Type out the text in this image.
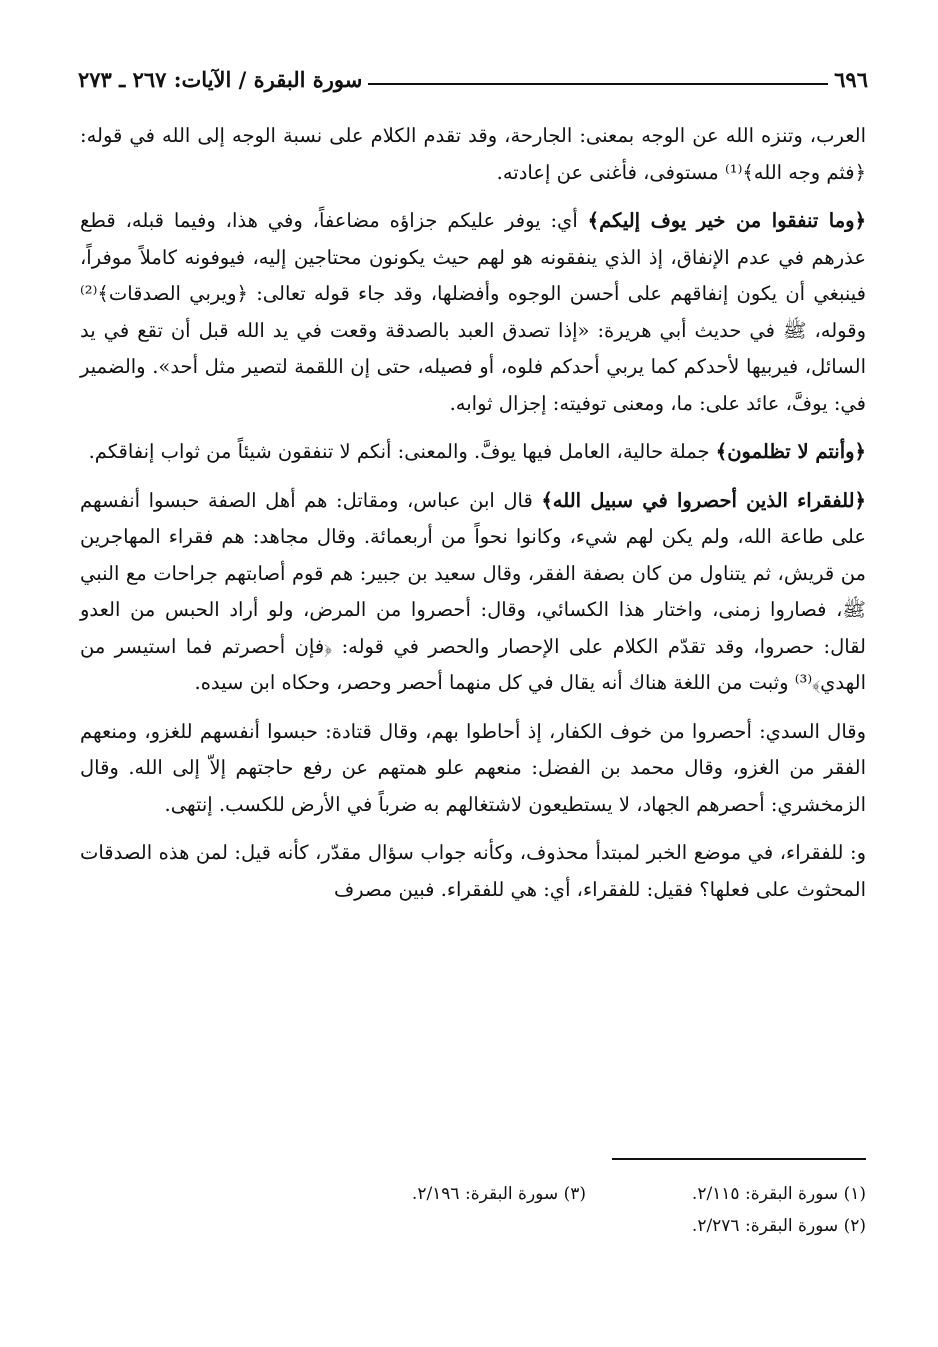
٦٩٦
سورة البقرة / الآيات: ٢٦٧ ـ ٢٧٣

العرب، وتنزه الله عن الوجه بمعنى: الجارحة، وقد تقدم الكلام على نسبة الوجه إلى الله في قوله: ﴿فثم وجه الله﴾⁽¹⁾ مستوفى، فأغنى عن إعادته.

﴿وما تنفقوا من خير يوف إليكم﴾ أي: يوفر عليكم جزاؤه مضاعفاً، وفي هذا، وفيما قبله، قطع عذرهم في عدم الإنفاق، إذ الذي ينفقونه هو لهم حيث يكونون محتاجين إليه، فيوفونه كاملاً موفراً، فينبغي أن يكون إنفاقهم على أحسن الوجوه وأفضلها، وقد جاء قوله تعالى: ﴿ويربي الصدقات﴾⁽²⁾ وقوله، ﷺ في حديث أبي هريرة: «إذا تصدق العبد بالصدقة وقعت في يد الله قبل أن تقع في يد السائل، فيربيها لأحدكم كما يربي أحدكم فلوه، أو فصيله، حتى إن اللقمة لتصير مثل أحد». والضمير في: يوفَّ، عائد على: ما، ومعنى توفيته: إجزال ثوابه.

﴿وأنتم لا تظلمون﴾ جملة حالية، العامل فيها يوفَّ. والمعنى: أنكم لا تنفقون شيئاً من ثواب إنفاقكم.

﴿للفقراء الذين أحصروا في سبيل الله﴾ قال ابن عباس، ومقاتل: هم أهل الصفة حبسوا أنفسهم على طاعة الله، ولم يكن لهم شيء، وكانوا نحواً من أربعمائة. وقال مجاهد: هم فقراء المهاجرين من قريش، ثم يتناول من كان بصفة الفقر، وقال سعيد بن جبير: هم قوم أصابتهم جراحات مع النبي ﷺ، فصاروا زمنى، واختار هذا الكسائي، وقال: أحصروا من المرض، ولو أراد الحبس من العدو لقال: حصروا، وقد تقدّم الكلام على الإحصار والحصر في قوله: ﴿فإن أحصرتم فما استيسر من الهدي﴾⁽³⁾ وثبت من اللغة هناك أنه يقال في كل منهما أحصر وحصر، وحكاه ابن سيده.

وقال السدي: أحصروا من خوف الكفار، إذ أحاطوا بهم، وقال قتادة: حبسوا أنفسهم للغزو، ومنعهم الفقر من الغزو، وقال محمد بن الفضل: منعهم علو همتهم عن رفع حاجتهم إلاّ إلى الله. وقال الزمخشري: أحصرهم الجهاد، لا يستطيعون لاشتغالهم به ضرباً في الأرض للكسب. إنتهى.

و: للفقراء، في موضع الخبر لمبتدأ محذوف، وكأنه جواب سؤال مقدّر، كأنه قيل: لمن هذه الصدقات المحثوث على فعلها؟ فقيل: للفقراء، أي: هي للفقراء. فبين مصرف

(١) سورة البقرة: ٢/١١٥.
(٣) سورة البقرة: ٢/١٩٦.
(٢) سورة البقرة: ٢/٢٧٦.
